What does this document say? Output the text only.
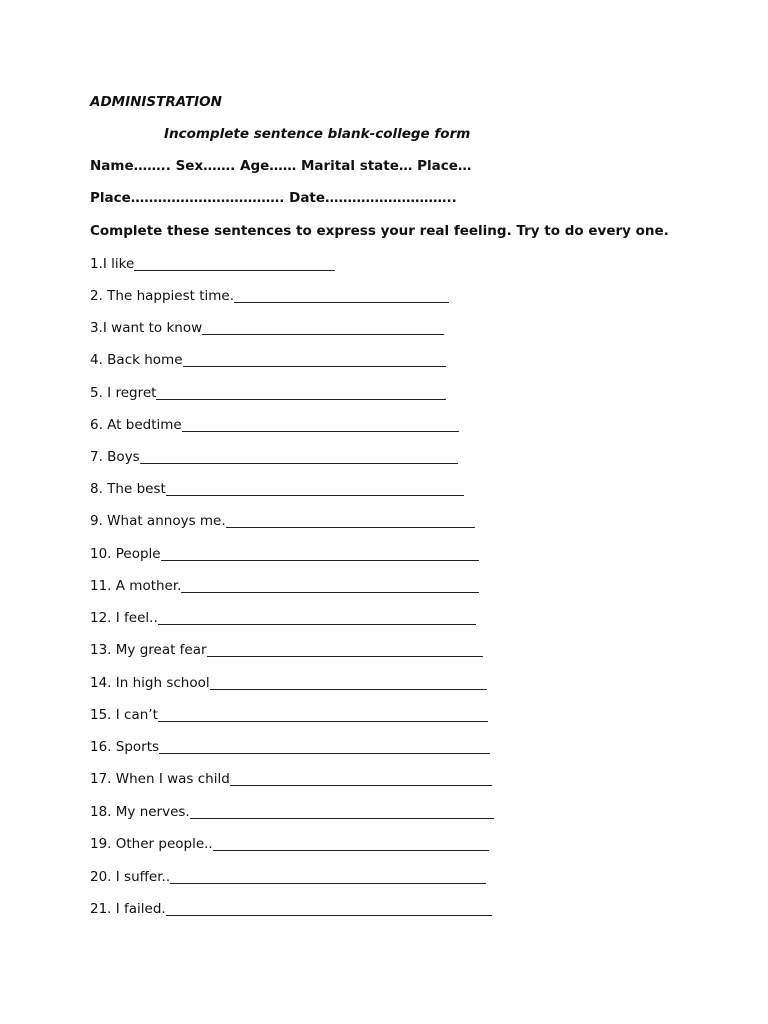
ADMINISTRATION
Incomplete sentence blank-college form
Name…….. Sex……. Age…… Marital state… Place…
Place……………………………. Date………………………..
Complete these sentences to express your real feeling. Try to do every one.
1.I like
2. The happiest time.
3.I want to know
4. Back home
5. I regret
6. At bedtime
7. Boys
8. The best
9. What annoys me.
10. People
11. A mother.
12. I feel..
13. My great fear
14. In high school
15. I can’t
16. Sports
17. When I was child
18. My nerves.
19. Other people..
20. I suffer..
21. I failed.
